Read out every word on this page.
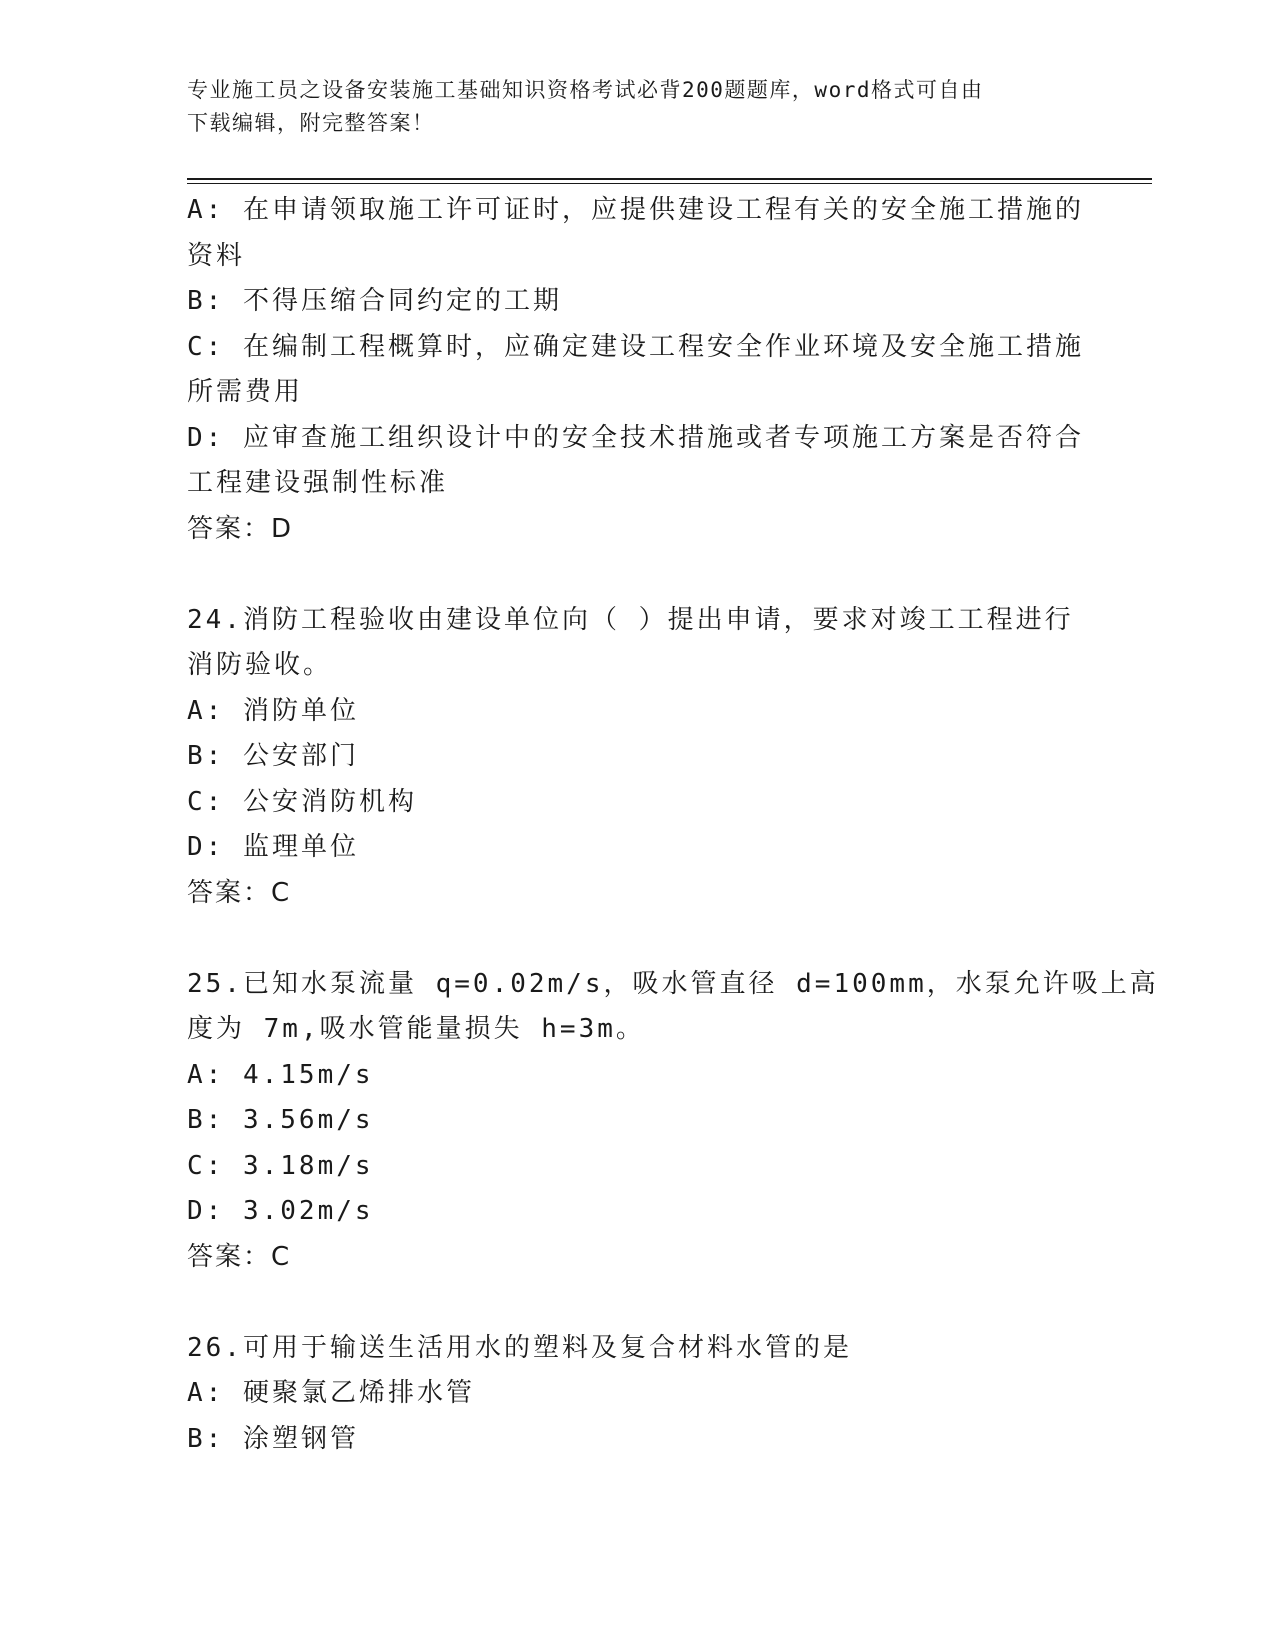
专业施工员之设备安装施工基础知识资格考试必背200题题库，word格式可自由
下载编辑，附完整答案！
A: 在申请领取施工许可证时，应提供建设工程有关的安全施工措施的
资料
B: 不得压缩合同约定的工期
C: 在编制工程概算时，应确定建设工程安全作业环境及安全施工措施
所需费用
D: 应审查施工组织设计中的安全技术措施或者专项施工方案是否符合
工程建设强制性标准
答案：D
24.消防工程验收由建设单位向（ ）提出申请，要求对竣工工程进行
消防验收。
A: 消防单位
B: 公安部门
C: 公安消防机构
D: 监理单位
答案：C
25.已知水泵流量 q=0.02m/s，吸水管直径 d=100mm，水泵允许吸上高
度为 7m,吸水管能量损失 h=3m。
A: 4.15m/s
B: 3.56m/s
C: 3.18m/s
D: 3.02m/s
答案：C
26.可用于输送生活用水的塑料及复合材料水管的是
A: 硬聚氯乙烯排水管
B: 涂塑钢管
